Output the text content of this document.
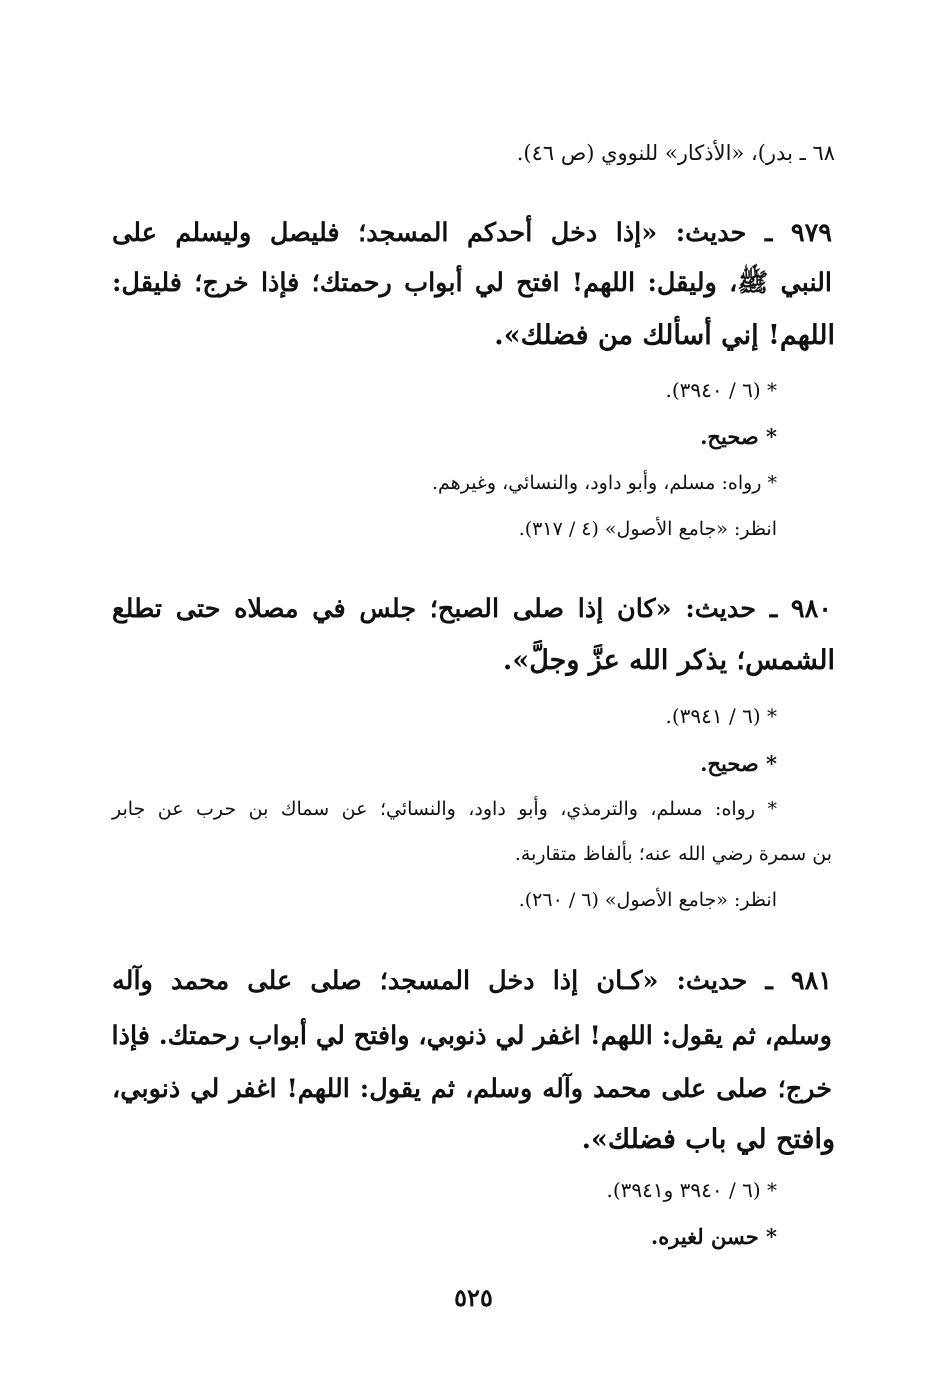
٦٨ ـ بدر)، «الأذكار» للنووي (ص ٤٦).
٩٧٩ ـ حديث: «إذا دخل أحدكم المسجد؛ فليصل وليسلم على
النبي ﷺ، وليقل: اللهم! افتح لي أبواب رحمتك؛ فإذا خرج؛ فليقل:
اللهم! إني أسألك من فضلك».
* (٦ / ٣٩٤٠).
* صحيح.
* رواه: مسلم، وأبو داود، والنسائي، وغيرهم.
انظر: «جامع الأصول» (٤ / ٣١٧).
٩٨٠ ـ حديث: «كان إذا صلى الصبح؛ جلس في مصلاه حتى تطلع
الشمس؛ يذكر الله عزَّ وجلَّ».
* (٦ / ٣٩٤١).
* صحيح.
* رواه: مسلم، والترمذي، وأبو داود، والنسائي؛ عن سماك بن حرب عن جابر
بن سمرة رضي الله عنه؛ بألفاظ متقاربة.
انظر: «جامع الأصول» (٦ / ٢٦٠).
٩٨١ ـ حديث: «كـان إذا دخل المسجد؛ صلى على محمد وآله
وسلم، ثم يقول: اللهم! اغفر لي ذنوبي، وافتح لي أبواب رحمتك. فإذا
خرج؛ صلى على محمد وآله وسلم، ثم يقول: اللهم! اغفر لي ذنوبي،
وافتح لي باب فضلك».
* (٦ / ٣٩٤٠ و٣٩٤١).
* حسن لغيره.
٥٢٥
